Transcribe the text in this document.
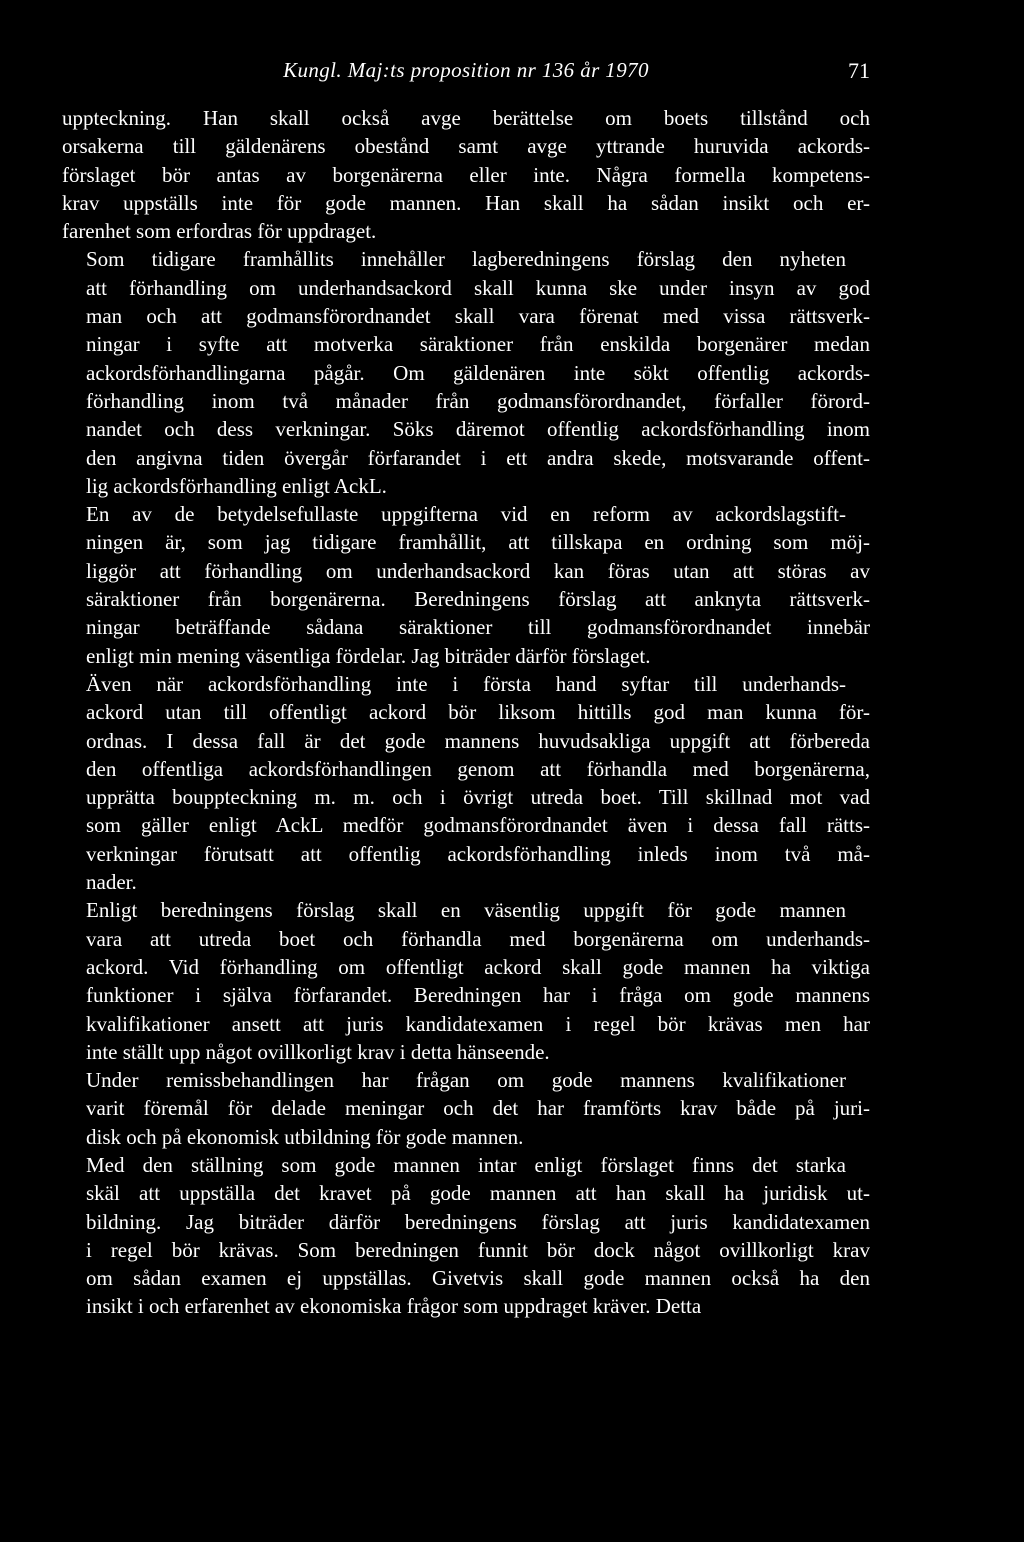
Kungl. Maj:ts proposition nr 136 år 1970	71

uppteckning. Han skall också avge berättelse om boets tillstånd och
orsakerna till gäldenärens obestånd samt avge yttrande huruvida ackords-
förslaget bör antas av borgenärerna eller inte. Några formella kompetens-
krav uppställs inte för gode mannen. Han skall ha sådan insikt och er-
farenhet som erfordras för uppdraget.

Som tidigare framhållits innehåller lagberedningens förslag den nyheten
att förhandling om underhandsackord skall kunna ske under insyn av god
man och att godmansförordnandet skall vara förenat med vissa rättsverk-
ningar i syfte att motverka säraktioner från enskilda borgenärer medan
ackordsförhandlingarna pågår. Om gäldenären inte sökt offentlig ackords-
förhandling inom två månader från godmansförordnandet, förfaller förord-
nandet och dess verkningar. Söks däremot offentlig ackordsförhandling inom
den angivna tiden övergår förfarandet i ett andra skede, motsvarande offent-
lig ackordsförhandling enligt AckL.

En av de betydelsefullaste uppgifterna vid en reform av ackordslagstift-
ningen är, som jag tidigare framhållit, att tillskapa en ordning som möj-
liggör att förhandling om underhandsackord kan föras utan att störas av
säraktioner från borgenärerna. Beredningens förslag att anknyta rättsverk-
ningar beträffande sådana säraktioner till godmansförordnandet innebär
enligt min mening väsentliga fördelar. Jag biträder därför förslaget.

Även när ackordsförhandling inte i första hand syftar till underhands-
ackord utan till offentligt ackord bör liksom hittills god man kunna för-
ordnas. I dessa fall är det gode mannens huvudsakliga uppgift att förbereda
den offentliga ackordsförhandlingen genom att förhandla med borgenärerna,
upprätta bouppteckning m. m. och i övrigt utreda boet. Till skillnad mot vad
som gäller enligt AckL medför godmansförordnandet även i dessa fall rätts-
verkningar förutsatt att offentlig ackordsförhandling inleds inom två må-
nader.

Enligt beredningens förslag skall en väsentlig uppgift för gode mannen
vara att utreda boet och förhandla med borgenärerna om underhands-
ackord. Vid förhandling om offentligt ackord skall gode mannen ha viktiga
funktioner i själva förfarandet. Beredningen har i fråga om gode mannens
kvalifikationer ansett att juris kandidatexamen i regel bör krävas men har
inte ställt upp något ovillkorligt krav i detta hänseende.

Under remissbehandlingen har frågan om gode mannens kvalifikationer
varit föremål för delade meningar och det har framförts krav både på juri-
disk och på ekonomisk utbildning för gode mannen.

Med den ställning som gode mannen intar enligt förslaget finns det starka
skäl att uppställa det kravet på gode mannen att han skall ha juridisk ut-
bildning. Jag biträder därför beredningens förslag att juris kandidatexamen
i regel bör krävas. Som beredningen funnit bör dock något ovillkorligt krav
om sådan examen ej uppställas. Givetvis skall gode mannen också ha den
insikt i och erfarenhet av ekonomiska frågor som uppdraget kräver. Detta
